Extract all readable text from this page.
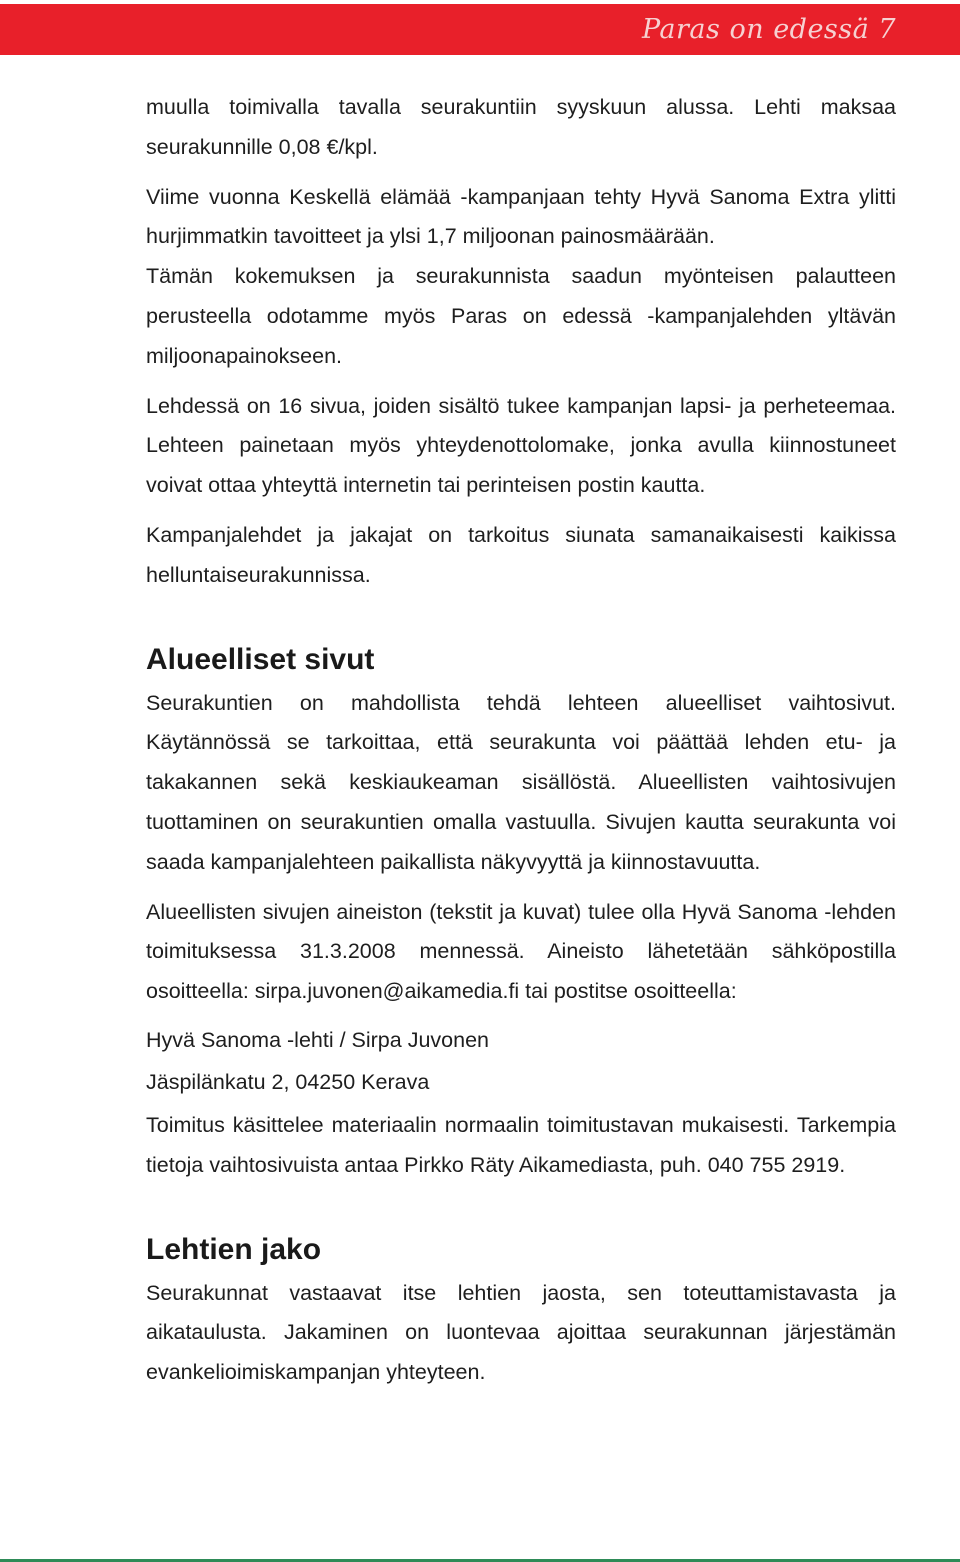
Paras on edessä 7

muulla toimivalla tavalla seurakuntiin syyskuun alussa. Lehti maksaa seurakunnille 0,08 €/kpl.

Viime vuonna Keskellä elämää -kampanjaan tehty Hyvä Sanoma Extra ylitti hurjimmatkin tavoitteet ja ylsi 1,7 miljoonan painosmäärään.

Tämän kokemuksen ja seurakunnista saadun myönteisen palautteen perusteella odotamme myös Paras on edessä -kampanjalehden yltävän miljoonapainokseen.

Lehdessä on 16 sivua, joiden sisältö tukee kampanjan lapsi- ja perheteemaa. Lehteen painetaan myös yhteydenottolomake, jonka avulla kiinnostuneet voivat ottaa yhteyttä internetin tai perinteisen postin kautta.

Kampanjalehdet ja jakajat on tarkoitus siunata samanaikaisesti kaikissa helluntaiseurakunnissa.

Alueelliset sivut

Seurakuntien on mahdollista tehdä lehteen alueelliset vaihtosivut. Käytännössä se tarkoittaa, että seurakunta voi päättää lehden etu- ja takakannen sekä keskiaukeaman sisällöstä. Alueellisten vaihtosivujen tuottaminen on seurakuntien omalla vastuulla. Sivujen kautta seurakunta voi saada kampanjalehteen paikallista näkyvyyttä ja kiinnostavuutta.

Alueellisten sivujen aineiston (tekstit ja kuvat) tulee olla Hyvä Sanoma -lehden toimituksessa 31.3.2008 mennessä. Aineisto lähetetään sähköpostilla osoitteella: sirpa.juvonen@aikamedia.fi tai postitse osoitteella:

Hyvä Sanoma -lehti / Sirpa Juvonen

Jäspilänkatu 2, 04250 Kerava

Toimitus käsittelee materiaalin normaalin toimitustavan mukaisesti. Tarkempia tietoja vaihtosivuista antaa Pirkko Räty Aikamediasta, puh. 040 755 2919.

Lehtien jako

Seurakunnat vastaavat itse lehtien jaosta, sen toteuttamistavasta ja aikataulusta. Jakaminen on luontevaa ajoittaa seurakunnan järjestämän evankelioimiskampanjan yhteyteen.
